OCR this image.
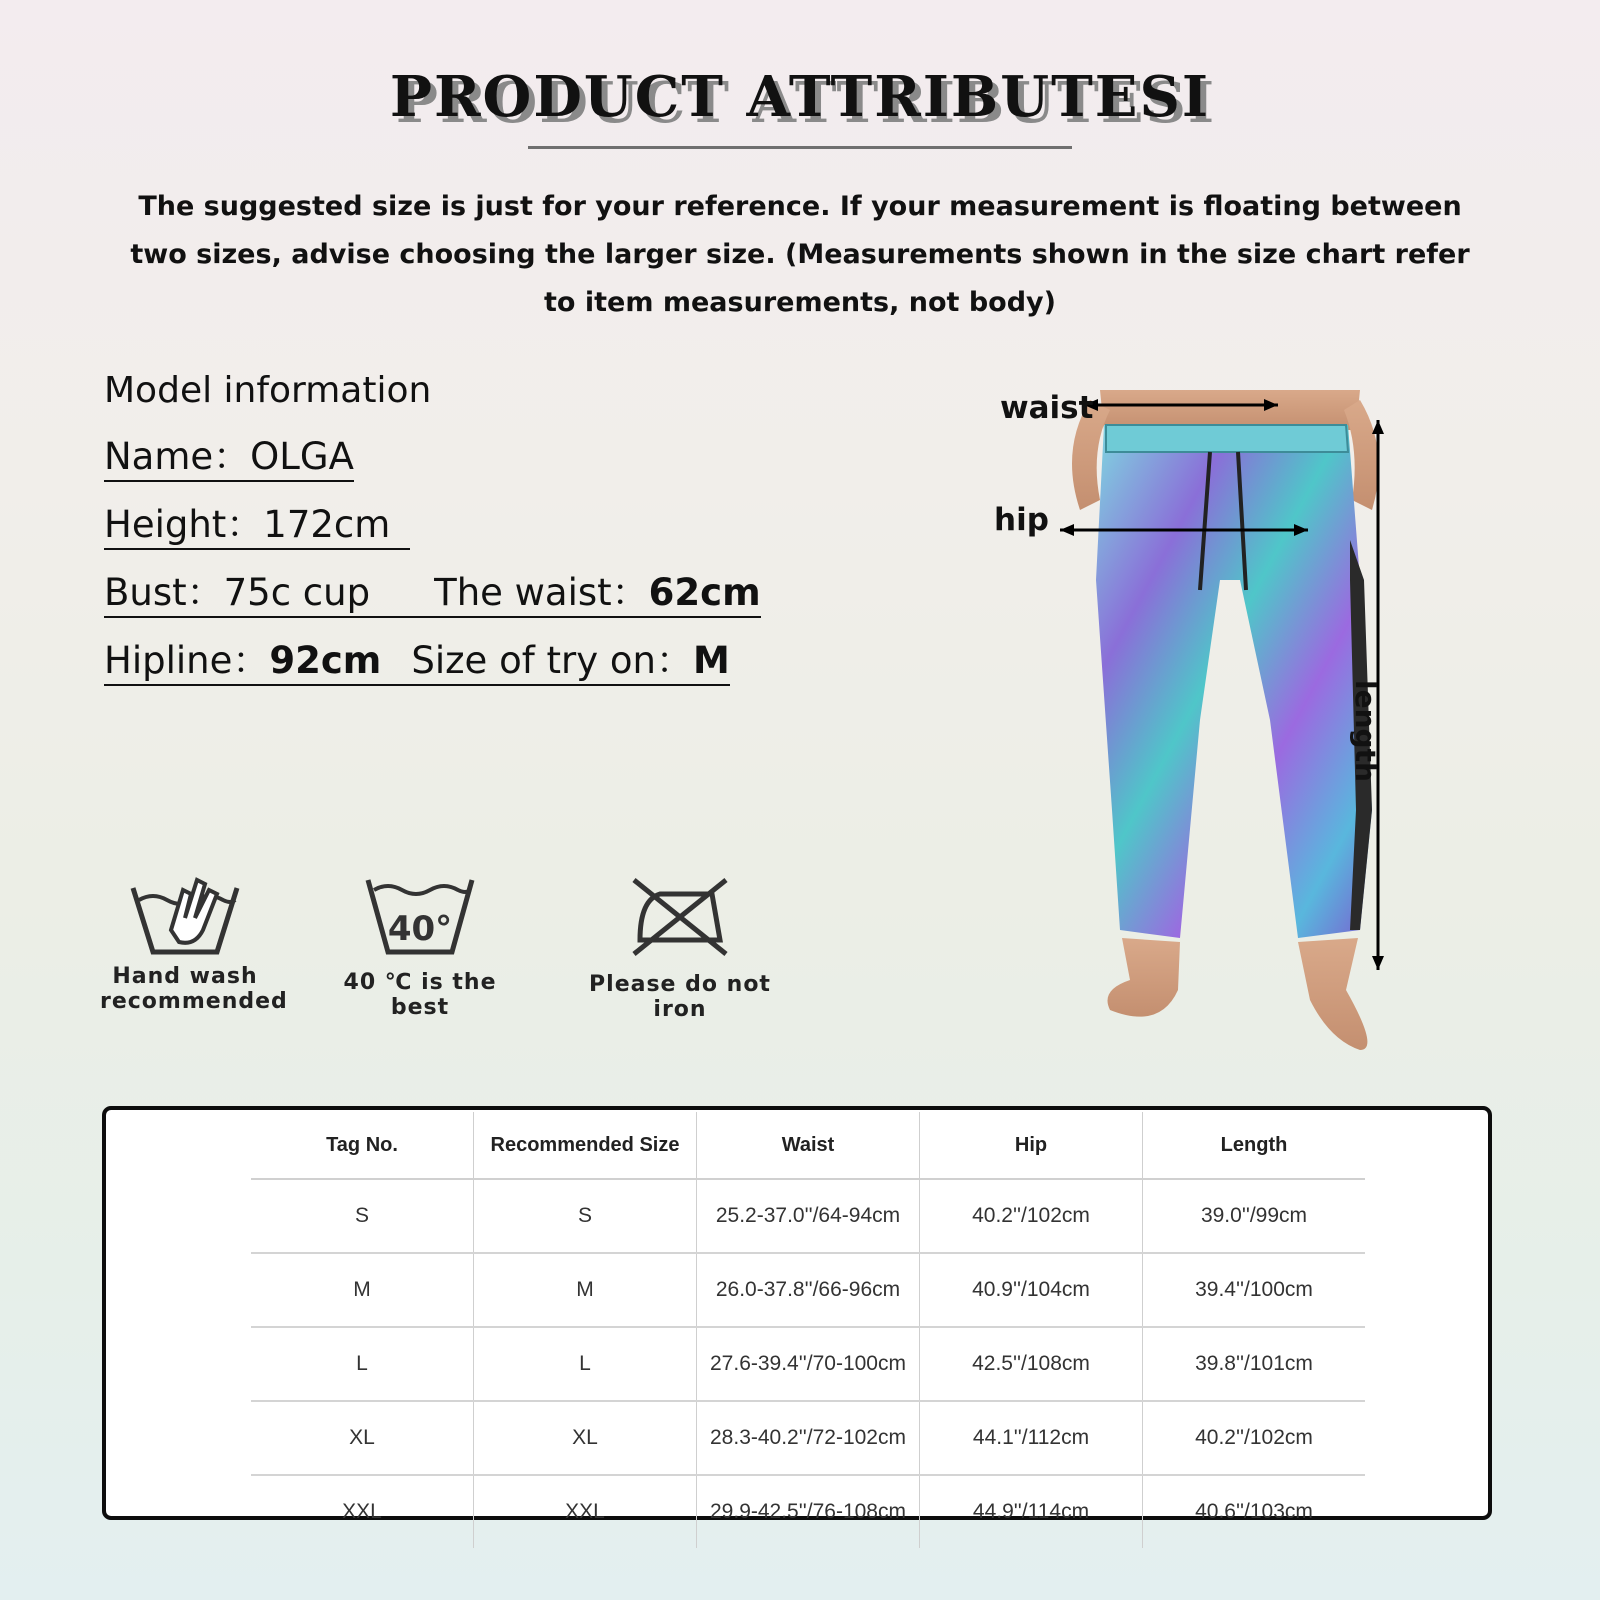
PRODUCT ATTRIBUTESI
The suggested size is just for your reference. If your measurement is floating between two sizes, advise choosing the larger size. (Measurements shown in the size chart refer to item measurements, not body)
Model information
Name：OLGA
Height：172cm
Bust：75c cup The waist：62cm
Hipline：92cm Size of try on：M
waist
hip
length
Hand wash
recommended
40°
40 ℃ is the best
Please do not iron
Tag No.	Recommended Size	Waist	Hip	Length
S	S	25.2-37.0''/64-94cm	40.2''/102cm	39.0''/99cm
M	M	26.0-37.8''/66-96cm	40.9''/104cm	39.4''/100cm
L	L	27.6-39.4''/70-100cm	42.5''/108cm	39.8''/101cm
XL	XL	28.3-40.2''/72-102cm	44.1''/112cm	40.2''/102cm
XXL	XXL	29.9-42.5''/76-108cm	44.9''/114cm	40.6''/103cm
